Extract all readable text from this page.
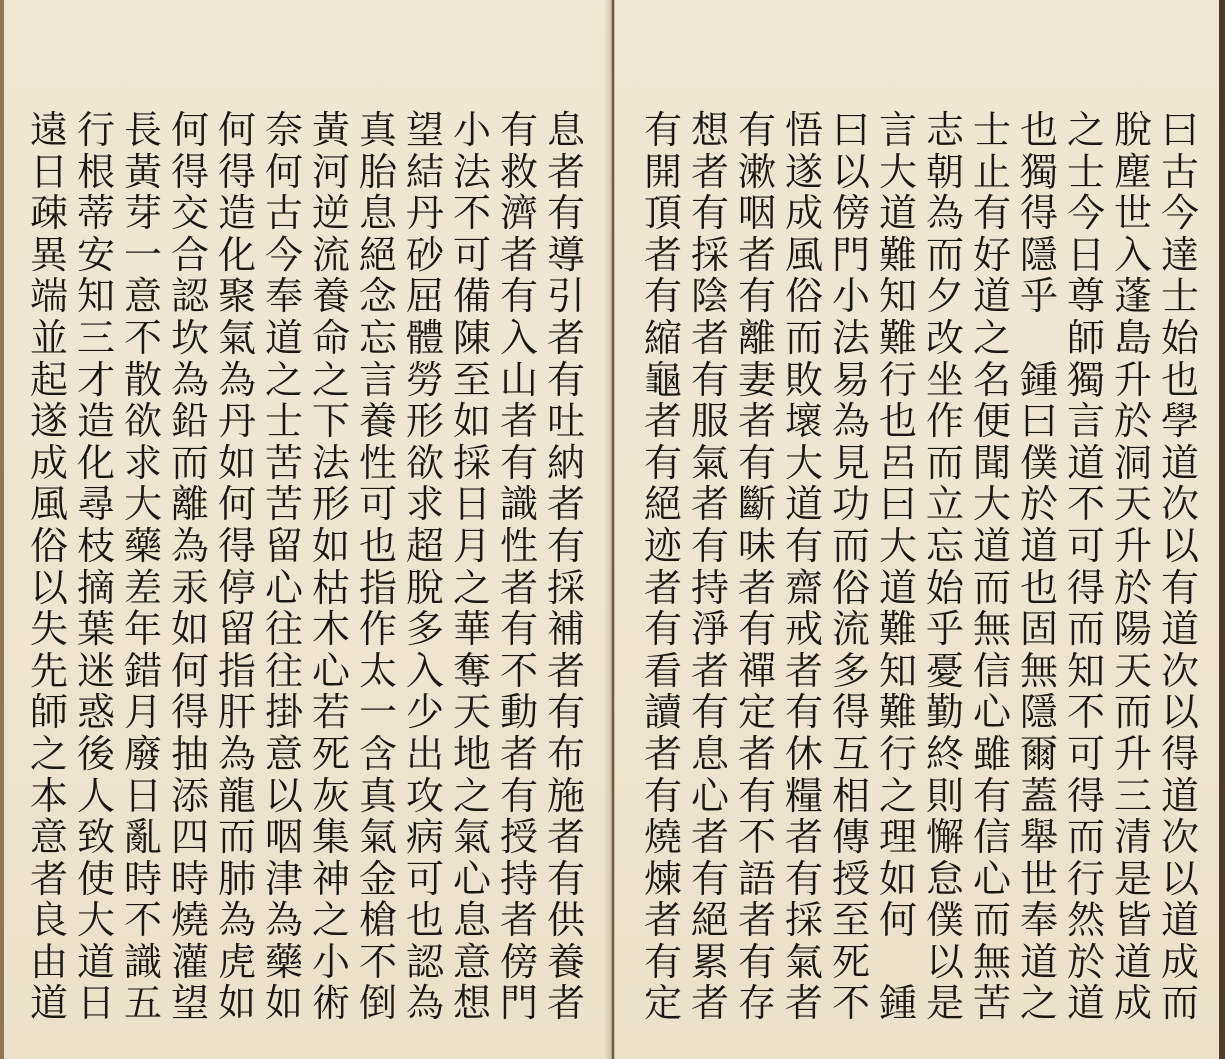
息
者
有
導
引
者
有
吐
納
者
有
採
補
者
有
布
施
者
有
供
養
者
有
救
濟
者
有
入
山
者
有
識
性
者
有
不
動
者
有
授
持
者
傍
門
小
法
不
可
備
陳
至
如
採
日
月
之
華
奪
天
地
之
氣
心
息
意
想
望
結
丹
砂
屈
體
勞
形
欲
求
超
脫
多
入
少
出
攻
病
可
也
認
為
真
胎
息
絕
念
忘
言
養
性
可
也
指
作
太
一
含
真
氣
金
槍
不
倒
黃
河
逆
流
養
命
之
下
法
形
如
枯
木
心
若
死
灰
集
神
之
小
術
奈
何
古
今
奉
道
之
士
苦
苦
留
心
往
往
掛
意
以
咽
津
為
藥
如
何
得
造
化
聚
氣
為
丹
如
何
得
停
留
指
肝
為
龍
而
肺
為
虎
如
何
得
交
合
認
坎
為
鉛
而
離
為
汞
如
何
得
抽
添
四
時
燒
灌
望
長
黃
芽
一
意
不
散
欲
求
大
藥
差
年
錯
月
廢
日
亂
時
不
識
五
行
根
蒂
安
知
三
才
造
化
尋
枝
摘
葉
迷
惑
後
人
致
使
大
道
日
遠
日
疎
異
端
並
起
遂
成
風
俗
以
失
先
師
之
本
意
者
良
由
道
曰
古
今
達
士
始
也
學
道
次
以
有
道
次
以
得
道
次
以
道
成
而
脫
塵
世
入
蓬
島
升
於
洞
天
升
於
陽
天
而
升
三
清
是
皆
道
成
之
士
今
日
尊
師
獨
言
道
不
可
得
而
知
不
可
得
而
行
然
於
道
也
獨
得
隱
乎

鍾
曰
僕
於
道
也
固
無
隱
爾
蓋
舉
世
奉
道
之
士
止
有
好
道
之
名
便
聞
大
道
而
無
信
心
雖
有
信
心
而
無
苦
志
朝
為
而
夕
改
坐
作
而
立
忘
始
乎
憂
勤
終
則
懈
怠
僕
以
是
言
大
道
難
知
難
行
也
呂
曰
大
道
難
知
難
行
之
理
如
何

鍾
曰
以
傍
門
小
法
易
為
見
功
而
俗
流
多
得
互
相
傳
授
至
死
不
悟
遂
成
風
俗
而
敗
壞
大
道
有
齋
戒
者
有
休
糧
者
有
採
氣
者
有
漱
咽
者
有
離
妻
者
有
斷
味
者
有
禪
定
者
有
不
語
者
有
存
想
者
有
採
陰
者
有
服
氣
者
有
持
淨
者
有
息
心
者
有
絕
累
者
有
開
頂
者
有
縮
龜
者
有
絕
迹
者
有
看
讀
者
有
燒
煉
者
有
定
